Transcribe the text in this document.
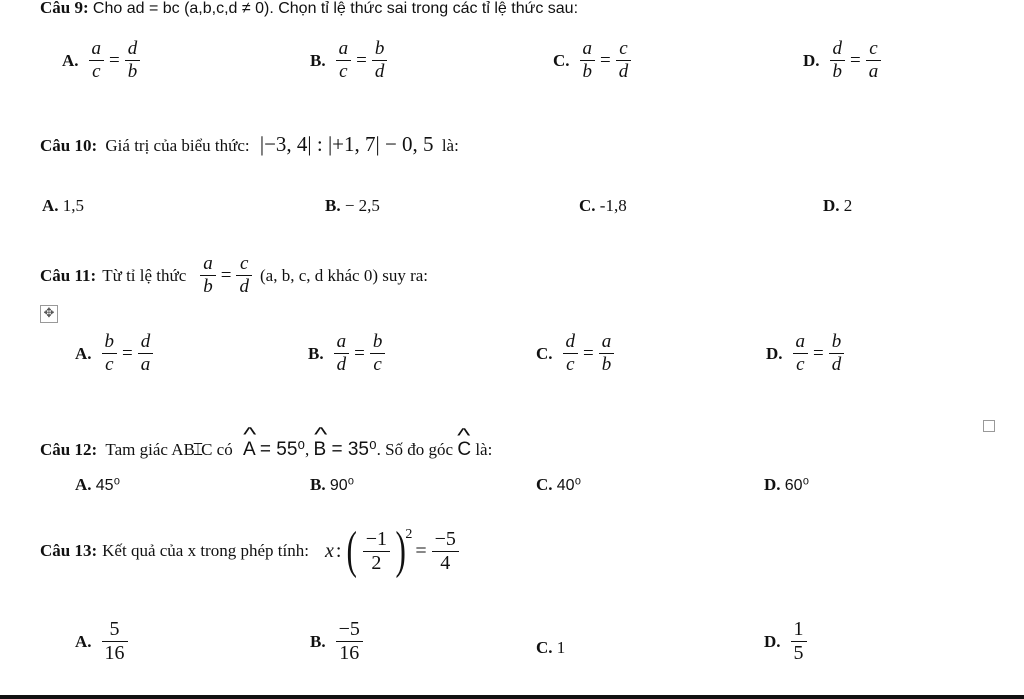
Câu 9: Cho ad = bc (a,b,c,d ≠ 0). Chọn tỉ lệ thức sai trong các tỉ lệ thức sau:
A. $\frac{a}{c} = \frac{d}{b}$	B. $\frac{a}{c} = \frac{b}{d}$	C. $\frac{a}{b} = \frac{c}{d}$	D. $\frac{d}{b} = \frac{c}{a}$
Câu 10: Giá trị của biểu thức: |−3, 4| : |+1, 7| − 0, 5 là:
A. 1,5	B. − 2,5	C. -1,8	D. 2
Câu 11: Từ tỉ lệ thức $\frac{a}{b} = \frac{c}{d} (a$, b, c, d khác 0) suy ra:
✥
A. $\frac{b}{c} = \frac{d}{a}$	B. $\frac{a}{d} = \frac{b}{c}$	C. $\frac{d}{c} = \frac{a}{b}$	D. $\frac{a}{c} = \frac{b}{d}$
Câu 12: Tam giác AB⌶C có ^ A = 55⁰, ^ B = 35⁰. Số đo góc ^ C là:
A. 45⁰	B. 90⁰	C. 40⁰	D. 60⁰
Câu 13: Kết quả của x trong phép tính: x : ( $\frac{-1}{2}$ ) 2
= $\frac{-5}{4}$
A. $\frac{5}{16}$	B. $\frac{-5}{16}$	C. 1	D. $\frac{1}{5}$
